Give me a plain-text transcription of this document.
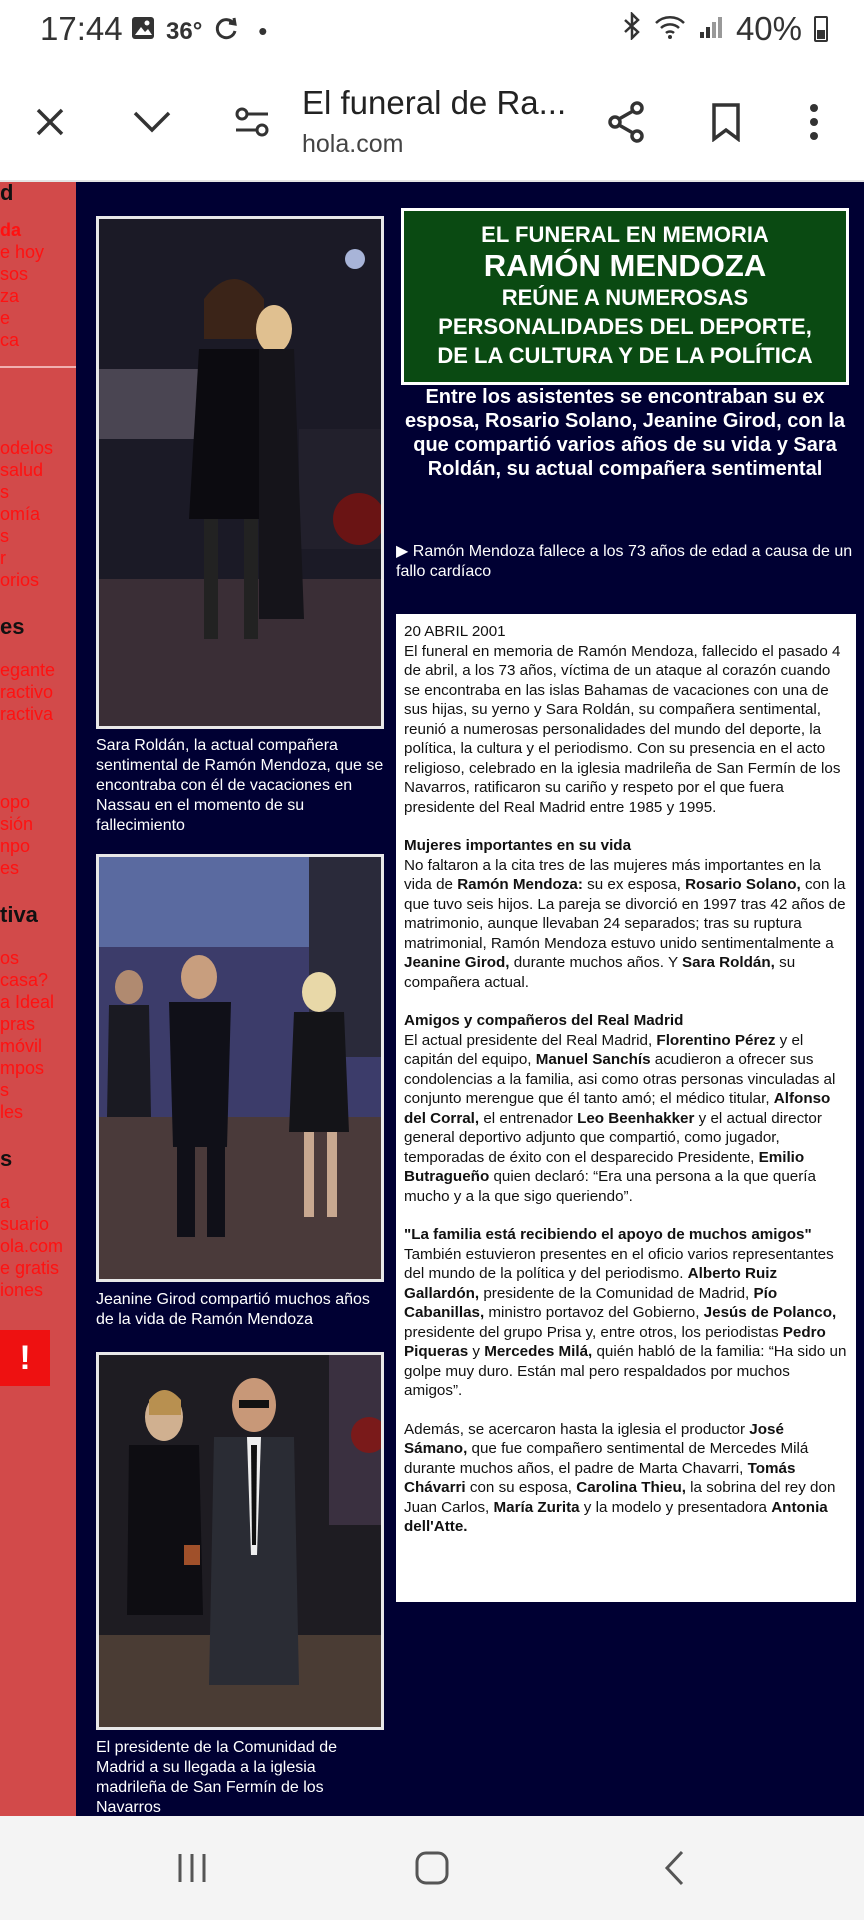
17:44 36° •	40%
El funeral de Ra...
hola.com
d
da
e hoy
sos
za
e
ca
odelos
salud
s
omía
s
r
orios
es
egante
ractivo
ractiva
opo
sión
npo
es
tiva
os
casa?
a Ideal
pras
móvil
mpos
s
les
s
a
suario
ola.com
e gratis
iones
!
Sara Roldán, la actual compañera sentimental de Ramón Mendoza, que se encontraba con él de vacaciones en Nassau en el momento de su fallecimiento
Jeanine Girod compartió muchos años de la vida de Ramón Mendoza
El presidente de la Comunidad de Madrid a su llegada a la iglesia madrileña de San Fermín de los Navarros
EL FUNERAL EN MEMORIA
RAMÓN MENDOZA
REÚNE A NUMEROSAS
PERSONALIDADES DEL DEPORTE,
DE LA CULTURA Y DE LA POLÍTICA
Entre los asistentes se encontraban su ex esposa, Rosario Solano, Jeanine Girod, con la que compartió varios años de su vida y Sara Roldán, su actual compañera sentimental
▶ Ramón Mendoza fallece a los 73 años de edad a causa de un fallo cardíaco
20 ABRIL 2001

El funeral en memoria de Ramón Mendoza, fallecido el pasado 4 de abril, a los 73 años, víctima de un ataque al corazón cuando se encontraba en las islas Bahamas de vacaciones con una de sus hijas, su yerno y Sara Roldán, su compañera sentimental, reunió a numerosas personalidades del mundo del deporte, la política, la cultura y el periodismo. Con su presencia en el acto religioso, celebrado en la iglesia madrileña de San Fermín de los Navarros, ratificaron su cariño y respeto por el que fuera presidente del Real Madrid entre 1985 y 1995.

Mujeres importantes en su vida

No faltaron a la cita tres de las mujeres más importantes en la vida de Ramón Mendoza: su ex esposa, Rosario Solano, con la que tuvo seis hijos. La pareja se divorció en 1997 tras 42 años de matrimonio, aunque llevaban 24 separados; tras su ruptura matrimonial, Ramón Mendoza estuvo unido sentimentalmente a Jeanine Girod, durante muchos años. Y Sara Roldán, su compañera actual.

Amigos y compañeros del Real Madrid

El actual presidente del Real Madrid, Florentino Pérez y el capitán del equipo, Manuel Sanchís acudieron a ofrecer sus condolencias a la familia, asi como otras personas vinculadas al conjunto merengue que él tanto amó; el médico titular, Alfonso del Corral, el entrenador Leo Beenhakker y el actual director general deportivo adjunto que compartió, como jugador, temporadas de éxito con el desparecido Presidente, Emilio Butragueño quien declaró: “Era una persona a la que quería mucho y a la que sigo queriendo”.

"La familia está recibiendo el apoyo de muchos amigos"

También estuvieron presentes en el oficio varios representantes del mundo de la política y del periodismo. Alberto Ruiz Gallardón, presidente de la Comunidad de Madrid, Pío Cabanillas, ministro portavoz del Gobierno, Jesús de Polanco, presidente del grupo Prisa y, entre otros, los periodistas Pedro Piqueras y Mercedes Milá, quién habló de la familia: “Ha sido un golpe muy duro. Están mal pero respaldados por muchos amigos”.

Además, se acercaron hasta la iglesia el productor José Sámano, que fue compañero sentimental de Mercedes Milá durante muchos años, el padre de Marta Chavarri, Tomás Chávarri con su esposa, Carolina Thieu, la sobrina del rey don Juan Carlos, María Zurita y la modelo y presentadora Antonia dell'Atte.
